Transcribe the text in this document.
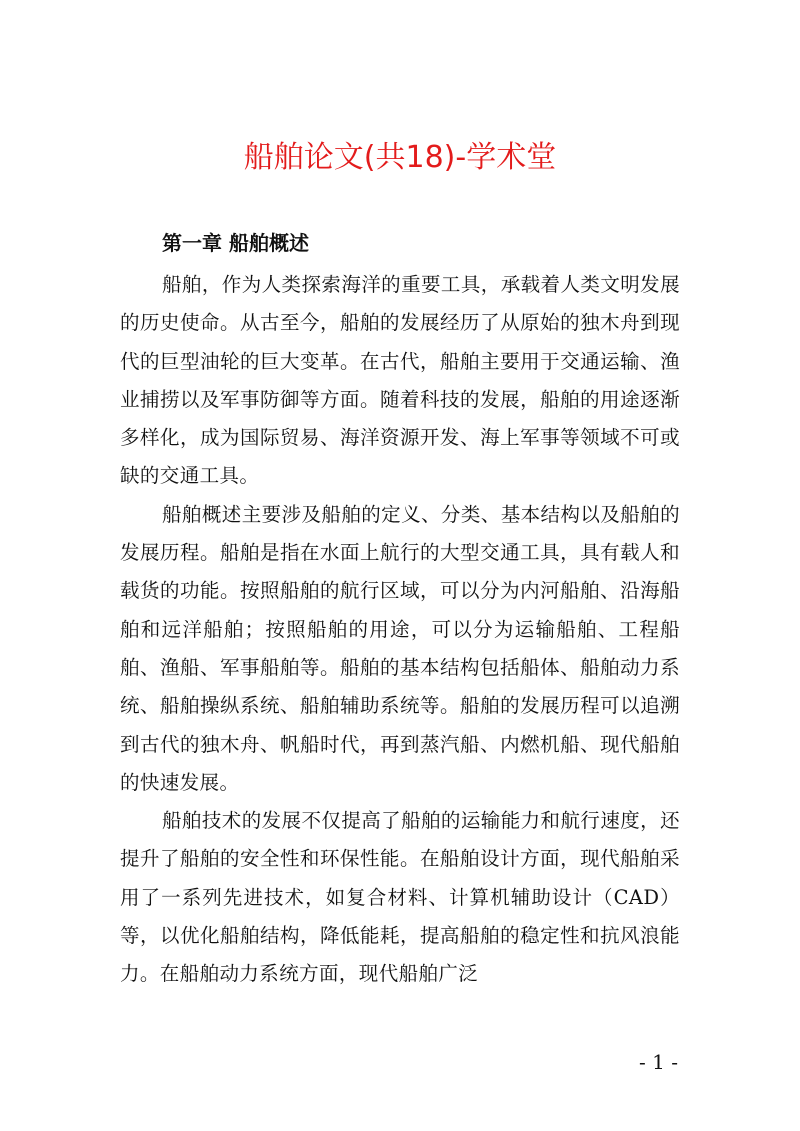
船舶论文(共18)-学术堂
第一章 船舶概述

船舶，作为人类探索海洋的重要工具，承载着人类文明发展的历史使命。从古至今，船舶的发展经历了从原始的独木舟到现代的巨型油轮的巨大变革。在古代，船舶主要用于交通运输、渔业捕捞以及军事防御等方面。随着科技的发展，船舶的用途逐渐多样化，成为国际贸易、海洋资源开发、海上军事等领域不可或缺的交通工具。

船舶概述主要涉及船舶的定义、分类、基本结构以及船舶的发展历程。船舶是指在水面上航行的大型交通工具，具有载人和载货的功能。按照船舶的航行区域，可以分为内河船舶、沿海船舶和远洋船舶；按照船舶的用途，可以分为运输船舶、工程船舶、渔船、军事船舶等。船舶的基本结构包括船体、船舶动力系统、船舶操纵系统、船舶辅助系统等。船舶的发展历程可以追溯到古代的独木舟、帆船时代，再到蒸汽船、内燃机船、现代船舶的快速发展。

船舶技术的发展不仅提高了船舶的运输能力和航行速度，还提升了船舶的安全性和环保性能。在船舶设计方面，现代船舶采用了一系列先进技术，如复合材料、计算机辅助设计（CAD）等，以优化船舶结构，降低能耗，提高船舶的稳定性和抗风浪能力。在船舶动力系统方面，现代船舶广泛

- 1 -
